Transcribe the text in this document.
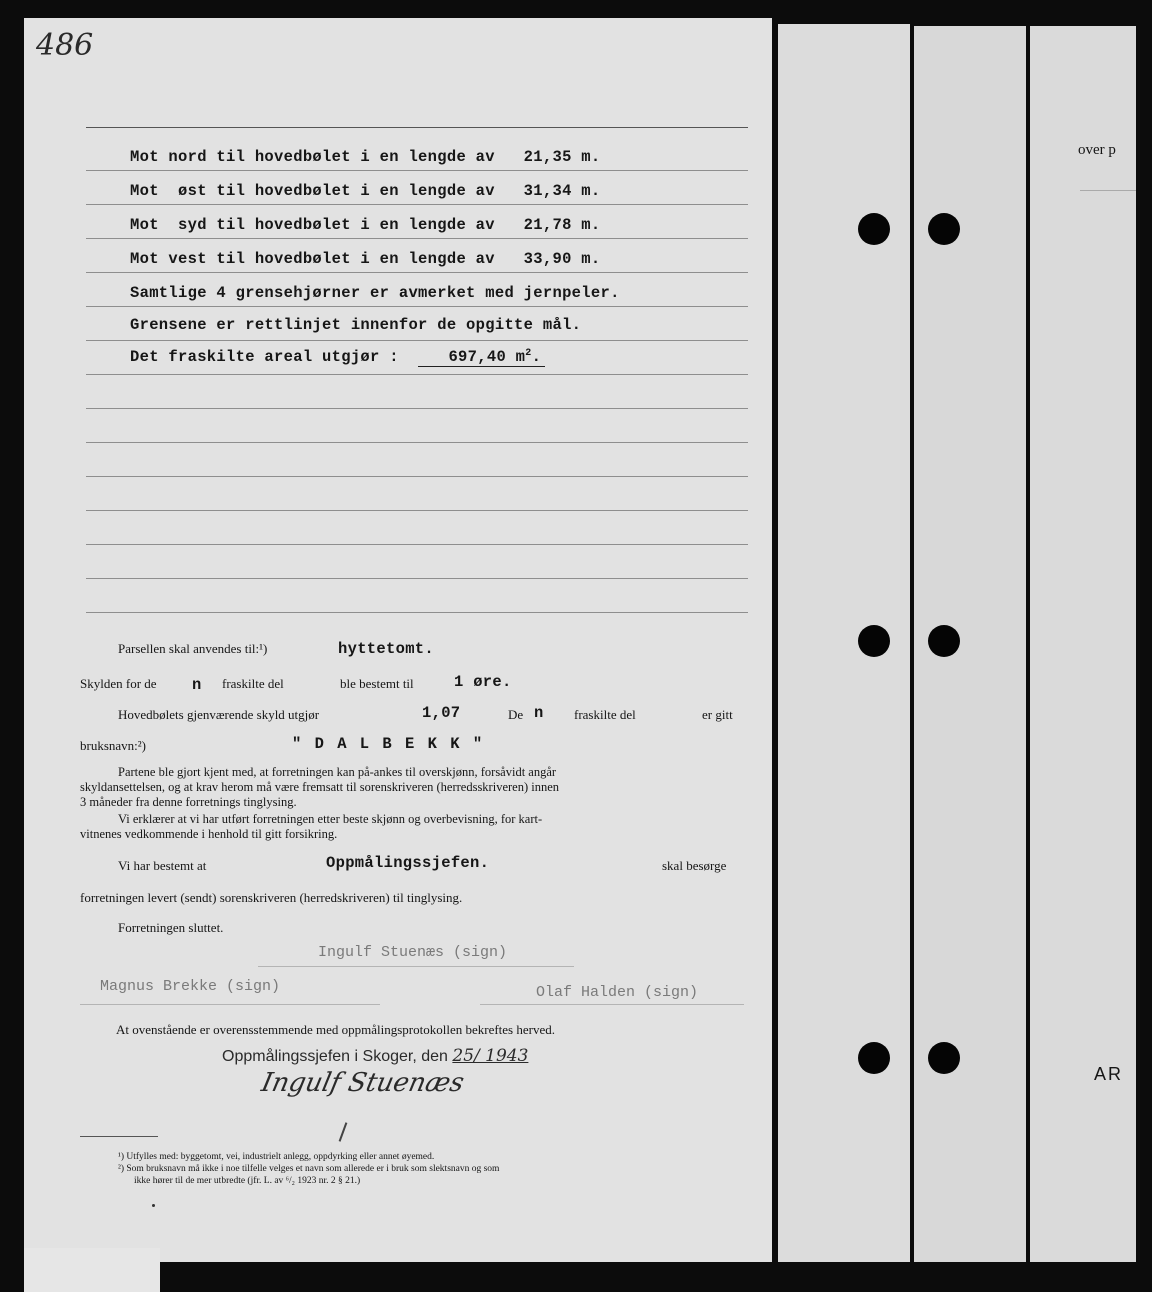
486
Mot nord til hovedbølet i en lengde av   21,35 m.
Mot  øst til hovedbølet i en lengde av   31,34 m.
Mot  syd til hovedbølet i en lengde av   21,78 m.
Mot vest til hovedbølet i en lengde av   33,90 m.
Samtlige 4 grensehjørner er avmerket med jernpeler.
Grensene er rettlinjet innenfor de opgitte mål.
Det fraskilte areal utgjør :	697,40 $m^2$.
Parsellen skal anvendes til:¹)	hyttetomt.
Skylden for de n fraskilte del	ble bestemt til	1 øre.
Hovedbølets gjenværende skyld utgjør	1,07	De n fraskilte del	er gitt
bruksnavn:²)	" D A L B E K K "
Partene ble gjort kjent med, at forretningen kan på-ankes til overskjønn, forsåvidt angår
skyldansettelsen, og at krav herom må være fremsatt til sorenskriveren (herredsskriveren) innen
3 måneder fra denne forretnings tinglysing.
Vi erklærer at vi har utført forretningen etter beste skjønn og overbevisning, for kart-
vitnenes vedkommende i henhold til gitt forsikring.
Vi har bestemt at	Oppmålingssjefen.	skal besørge
forretningen levert (sendt) sorenskriveren (herredskriveren) til tinglysing.
Forretningen sluttet.
Ingulf Stuenæs (sign)
Magnus Brekke (sign)	Olaf Halden (sign)
At ovenstående er overensstemmende med oppmålingsprotokollen bekreftes herved.
Oppmålingssjefen i Skoger, den 25/ 1943
Ingulf Stuenæs
¹) Utfylles med: byggetomt, vei, industrielt anlegg, oppdyrking eller annet øyemed.
²) Som bruksnavn må ikke i noe tilfelle velges et navn som allerede er i bruk som slektsnavn og som
ikke hører til de mer utbredte (jfr. L. av ⁶/₂ 1923 nr. 2 § 21.)
over p
AR
